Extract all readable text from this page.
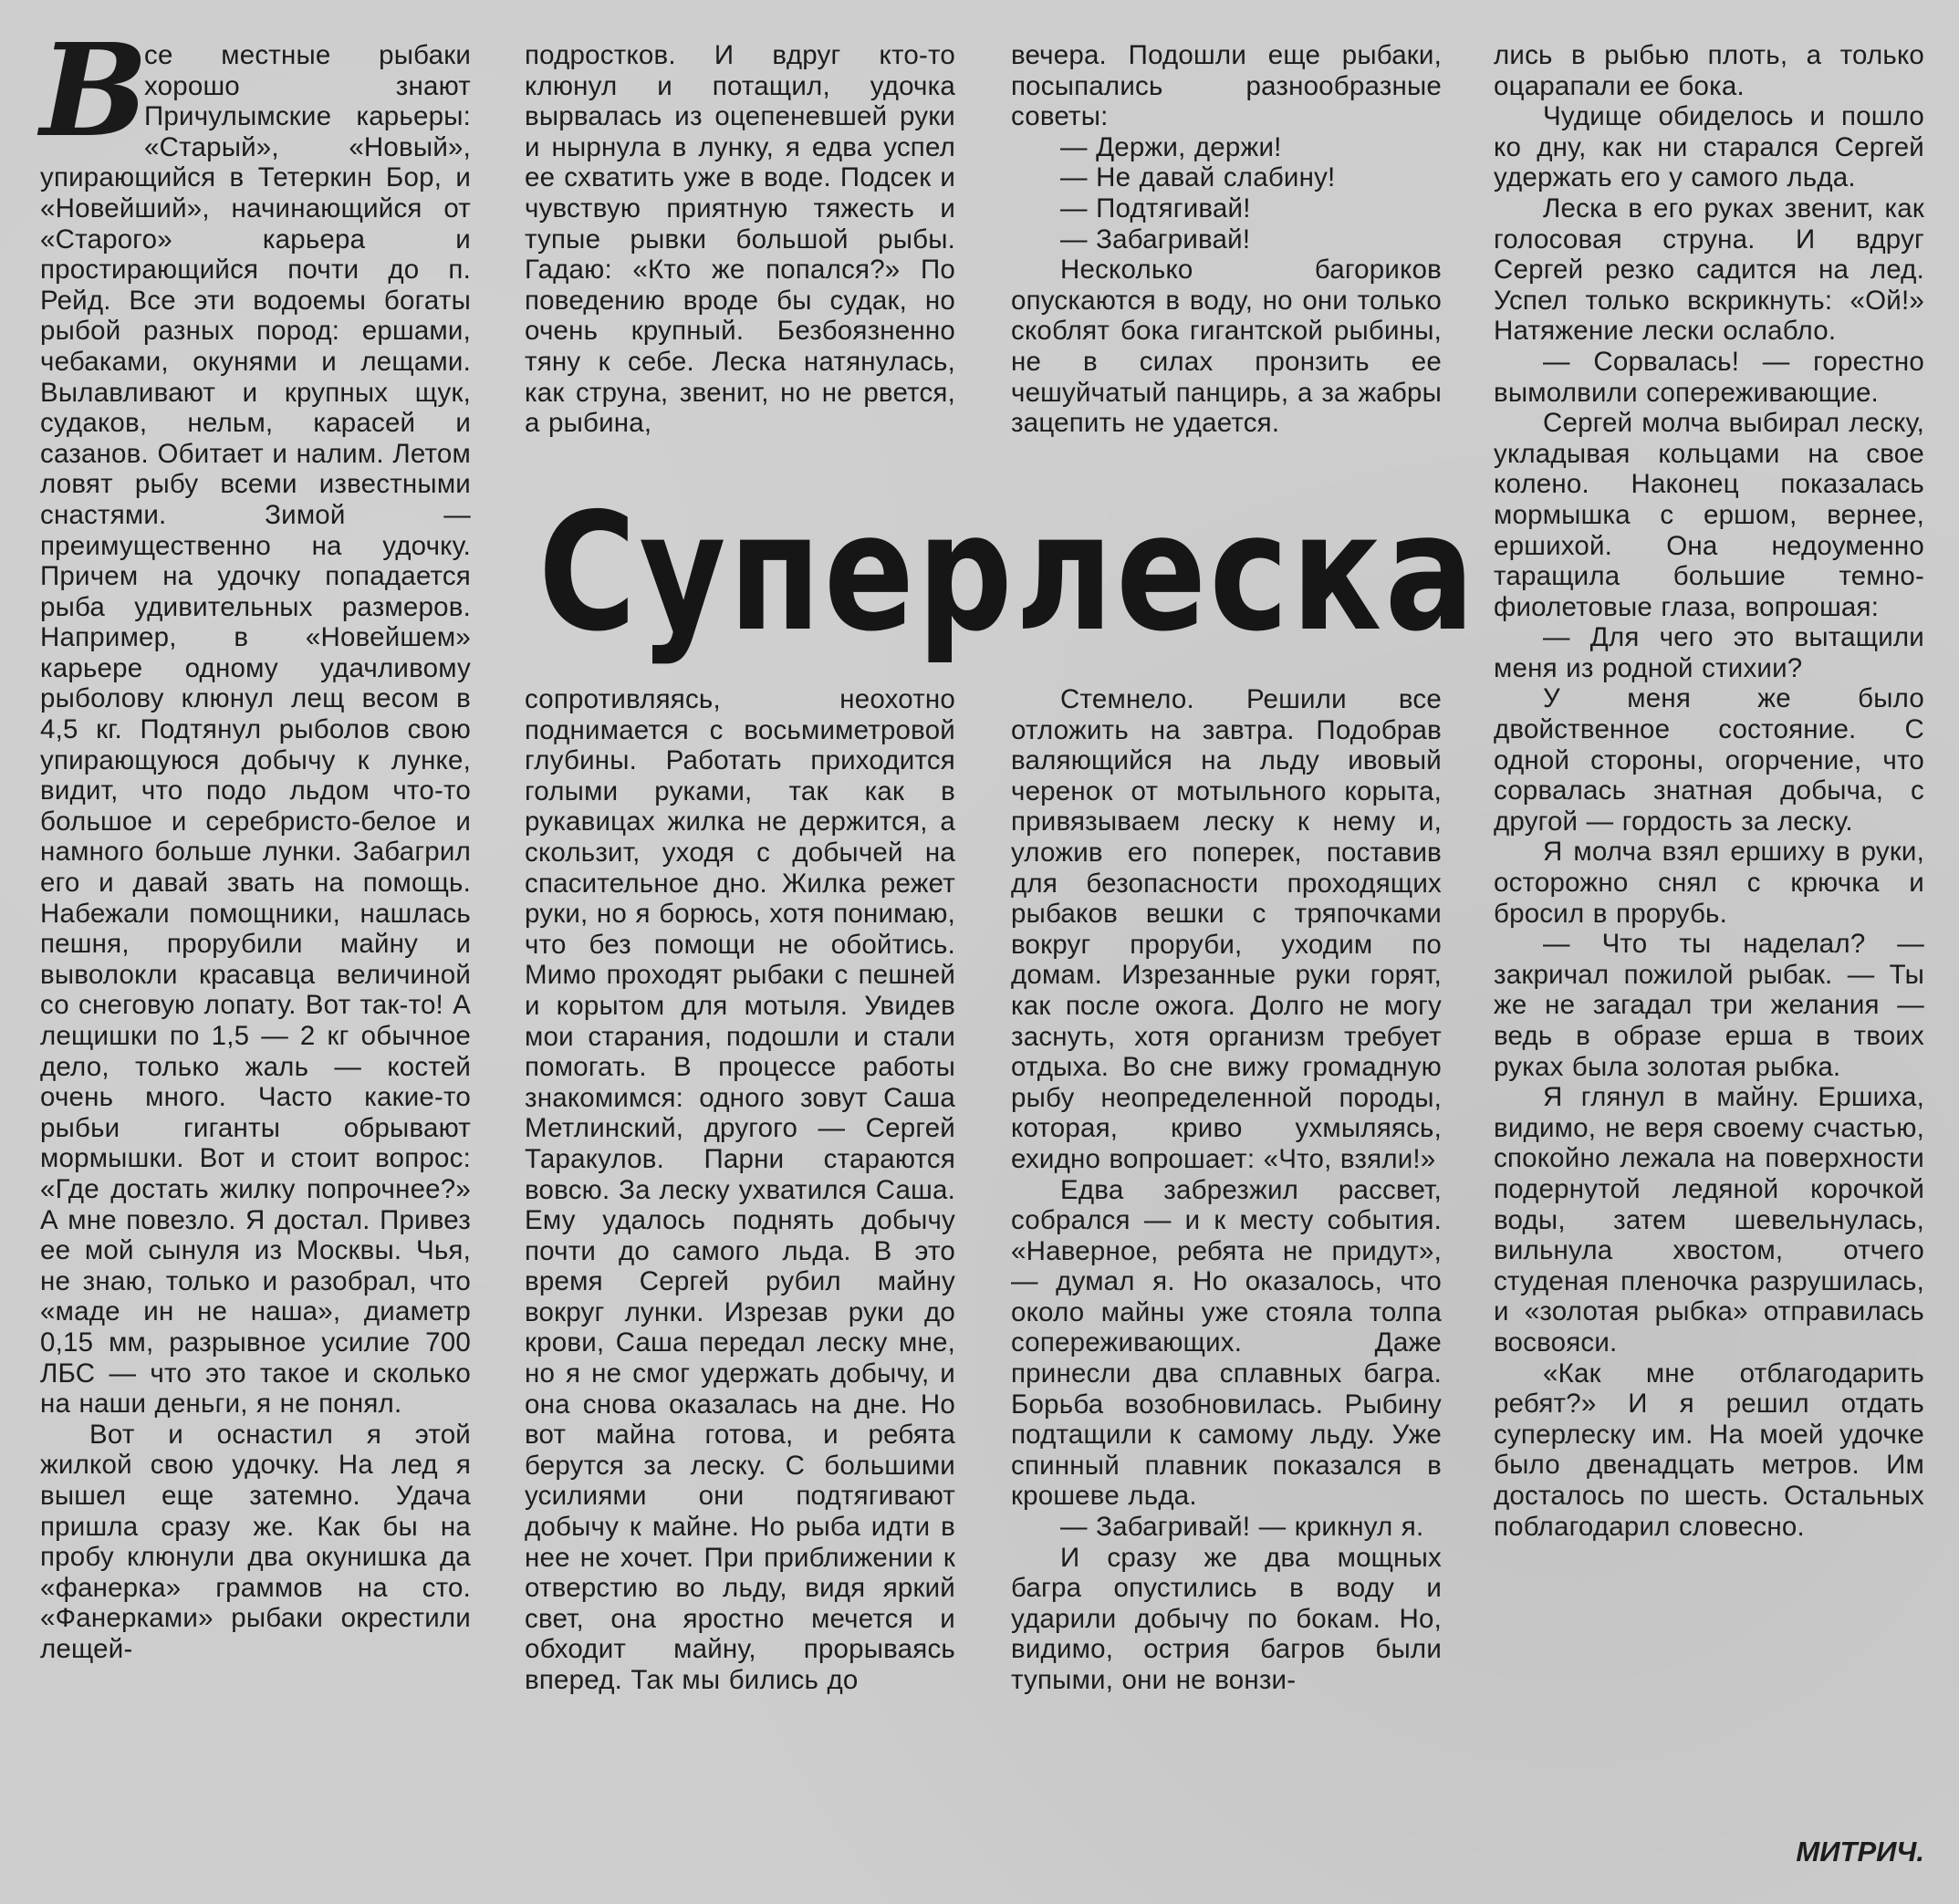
В
се местные рыбаки хорошо знают Причулымские карьеры: «Старый», «Новый», упирающийся в Тетеркин Бор, и «Новейший», начинающийся от «Старого» карьера и простирающийся почти до п. Рейд. Все эти водоемы богаты рыбой разных пород: ершами, чебаками, окунями и лещами. Вылавливают и крупных щук, судаков, нельм, карасей и сазанов. Обитает и налим. Летом ловят рыбу всеми известными снастями. Зимой — преимущественно на удочку. Причем на удочку попадается рыба удивительных размеров. Например, в «Новейшем» карьере одному удачливому рыболову клюнул лещ весом в 4,5 кг. Подтянул рыболов свою упирающуюся добычу к лунке, видит, что подо льдом что-то большое и серебристо-белое и намного больше лунки. Забагрил его и давай звать на помощь. Набежали помощники, нашлась пешня, прорубили майну и выволокли красавца величиной со снеговую лопату. Вот так-то! А лещишки по 1,5 — 2 кг обычное дело, только жаль — костей очень много. Часто какие-то рыбьи гиганты обрывают мормышки. Вот и стоит вопрос: «Где достать жилку попрочнее?» А мне повезло. Я достал. Привез ее мой сынуля из Москвы. Чья, не знаю, только и разобрал, что «маде ин не наша», диаметр 0,15 мм, разрывное усилие 700 ЛБС — что это такое и сколько на наши деньги, я не понял.

Вот и оснастил я этой жилкой свою удочку. На лед я вышел еще затемно. Удача пришла сразу же. Как бы на пробу клюнули два окунишка да «фанерка» граммов на сто. «Фанерками» рыбаки окрестили лещей-

подростков. И вдруг кто-то клюнул и потащил, удочка вырвалась из оцепеневшей руки и нырнула в лунку, я едва успел ее схватить уже в воде. Подсек и чувствую приятную тяжесть и тупые рывки большой рыбы. Гадаю: «Кто же попался?» По поведению вроде бы судак, но очень крупный. Безбоязненно тяну к себе. Леска натянулась, как струна, звенит, но не рвется, а рыбина,

вечера. Подошли еще рыбаки, посыпались разнообразные советы:

— Держи, держи!

— Не давай слабину!

— Подтягивай!

— Забагривай!

Несколько багориков опускаются в воду, но они только скоблят бока гигантской рыбины, не в силах пронзить ее чешуйчатый панцирь, а за жабры зацепить не удается.

Суперлеска

сопротивляясь, неохотно поднимается с восьмиметровой глубины. Работать приходится голыми руками, так как в рукавицах жилка не держится, а скользит, уходя с добычей на спасительное дно. Жилка режет руки, но я борюсь, хотя понимаю, что без помощи не обойтись. Мимо проходят рыбаки с пешней и корытом для мотыля. Увидев мои старания, подошли и стали помогать. В процессе работы знакомимся: одного зовут Саша Метлинский, другого — Сергей Таракулов. Парни стараются вовсю. За леску ухватился Саша. Ему удалось поднять добычу почти до самого льда. В это время Сергей рубил майну вокруг лунки. Изрезав руки до крови, Саша передал леску мне, но я не смог удержать добычу, и она снова оказалась на дне. Но вот майна готова, и ребята берутся за леску. С большими усилиями они подтягивают добычу к майне. Но рыба идти в нее не хочет. При приближении к отверстию во льду, видя яркий свет, она яростно мечется и обходит майну, прорываясь вперед. Так мы бились до

Стемнело. Решили все отложить на завтра. Подобрав валяющийся на льду ивовый черенок от мотыльного корыта, привязываем леску к нему и, уложив его поперек, поставив для безопасности проходящих рыбаков вешки с тряпочками вокруг проруби, уходим по домам. Изрезанные руки горят, как после ожога. Долго не могу заснуть, хотя организм требует отдыха. Во сне вижу громадную рыбу неопределенной породы, которая, криво ухмыляясь, ехидно вопрошает: «Что, взяли!»

Едва забрезжил рассвет, собрался — и к месту события. «Наверное, ребята не придут», — думал я. Но оказалось, что около майны уже стояла толпа сопереживающих. Даже принесли два сплавных багра. Борьба возобновилась. Рыбину подтащили к самому льду. Уже спинный плавник показался в крошеве льда.

— Забагривай! — крикнул я.

И сразу же два мощных багра опустились в воду и ударили добычу по бокам. Но, видимо, острия багров были тупыми, они не вонзи-

лись в рыбью плоть, а только оцарапали ее бока.

Чудище обиделось и пошло ко дну, как ни старался Сергей удержать его у самого льда.

Леска в его руках звенит, как голосовая струна. И вдруг Сергей резко садится на лед. Успел только вскрикнуть: «Ой!» Натяжение лески ослабло.

— Сорвалась! — горестно вымолвили сопереживающие.

Сергей молча выбирал леску, укладывая кольцами на свое колено. Наконец показалась мормышка с ершом, вернее, ершихой. Она недоуменно таращила большие темно-фиолетовые глаза, вопрошая:

— Для чего это вытащили меня из родной стихии?

У меня же было двойственное состояние. С одной стороны, огорчение, что сорвалась знатная добыча, с другой — гордость за леску.

Я молча взял ершиху в руки, осторожно снял с крючка и бросил в прорубь.

— Что ты наделал? — закричал пожилой рыбак. — Ты же не загадал три желания — ведь в образе ерша в твоих руках была золотая рыбка.

Я глянул в майну. Ершиха, видимо, не веря своему счастью, спокойно лежала на поверхности подернутой ледяной корочкой воды, затем шевельнулась, вильнула хвостом, отчего студеная пленочка разрушилась, и «золотая рыбка» отправилась восвояси.

«Как мне отблагодарить ребят?» И я решил отдать суперлеску им. На моей удочке было двенадцать метров. Им досталось по шесть. Остальных поблагодарил словесно.

МИТРИЧ.
